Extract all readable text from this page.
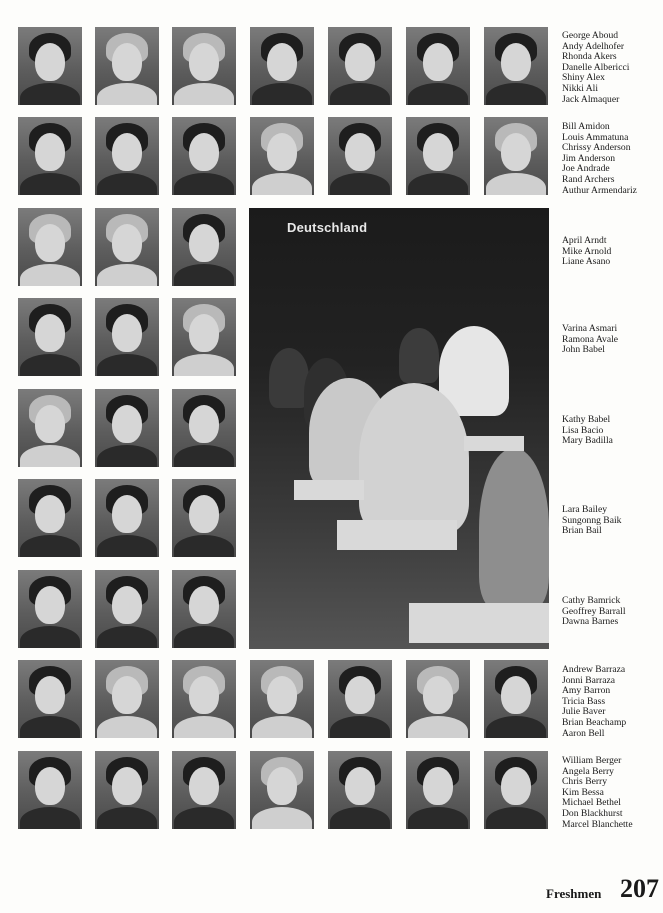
George Aboud
Andy Adelhofer
Rhonda Akers
Danelle Albericci
Shiny Alex
Nikki Ali
Jack Almaquer
Bill Amidon
Louis Ammatuna
Chrissy Anderson
Jim Anderson
Joe Andrade
Rand Archers
Authur Armendariz
Deutschland
April Arndt
Mike Arnold
Liane Asano
Varina Asmari
Ramona Avale
John Babel
Kathy Babel
Lisa Bacio
Mary Badilla
Lara Bailey
Sungonng Baik
Brian Bail
Cathy Bamrick
Geoffrey Barrall
Dawna Barnes
Andrew Barraza
Jonni Barraza
Amy Barron
Tricia Bass
Julie Baver
Brian Beachamp
Aaron Bell
William Berger
Angela Berry
Chris Berry
Kim Bessa
Michael Bethel
Don Blackhurst
Marcel Blanchette
Freshmen 207
